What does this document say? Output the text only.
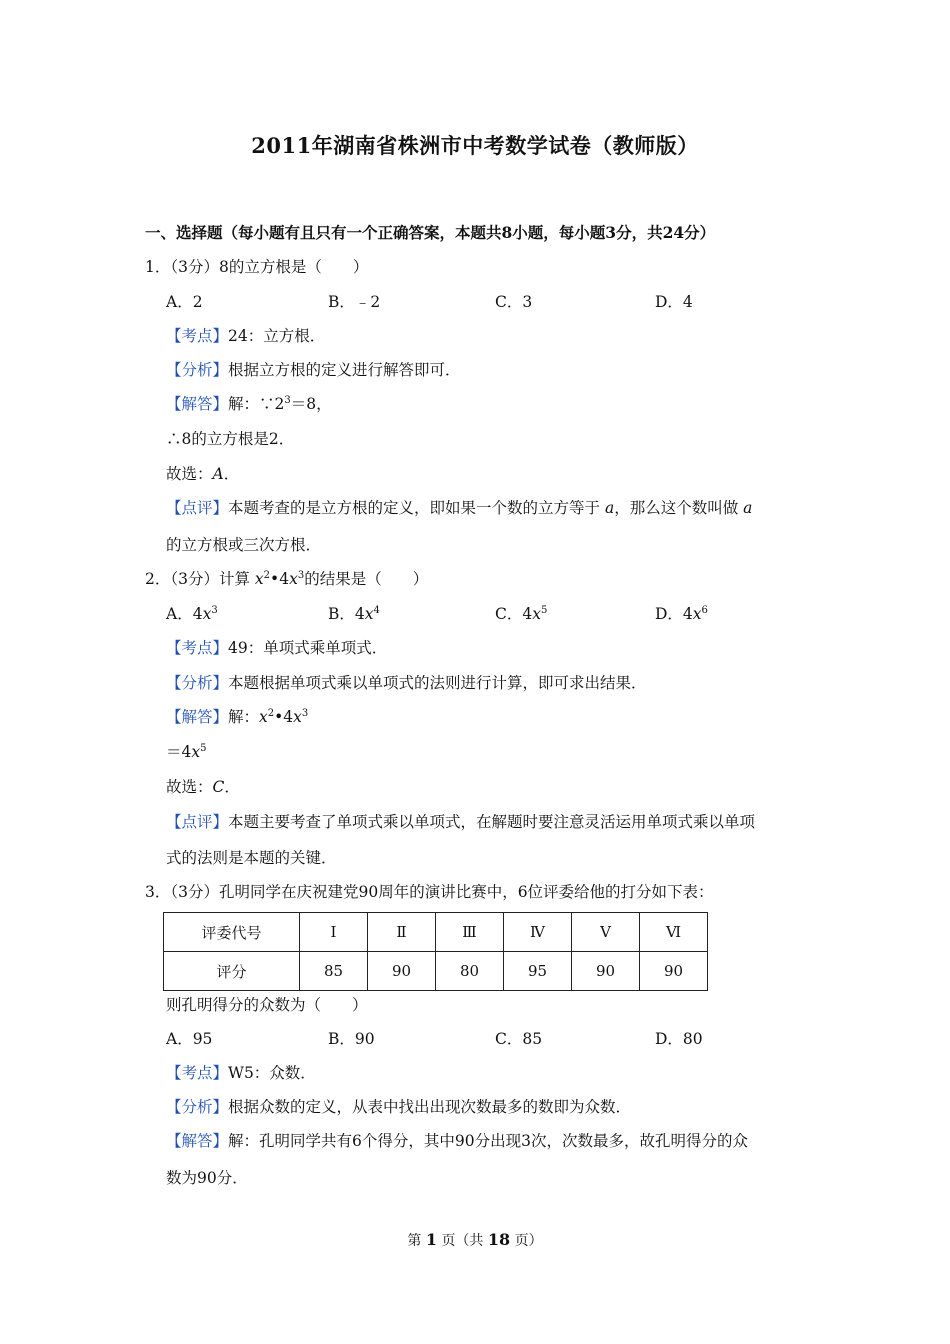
2011年湖南省株洲市中考数学试卷（教师版）
一、选择题（每小题有且只有一个正确答案，本题共8小题，每小题3分，共24分）
1．（3分）8的立方根是（　　）
A．2	B．﹣2	C．3	D．4
【考点】24：立方根．
【分析】根据立方根的定义进行解答即可．
【解答】解：$\because 2^3=8$，
∴8的立方根是2．
故选：A．
【点评】本题考查的是立方根的定义，即如果一个数的立方等于 a，那么这个数叫做 a
的立方根或三次方根．
2．（3分）计算 $x^2•4x^3$的结果是（　　）
A．$4x^3$	B．$4x^4$	C．$4x^5$	D．$4x^6$
【考点】49：单项式乘单项式．
【分析】本题根据单项式乘以单项式的法则进行计算，即可求出结果．
【解答】解：$x^2•4x^3$
$=4x^5$
故选：C．
【点评】本题主要考查了单项式乘以单项式，在解题时要注意灵活运用单项式乘以单项
式的法则是本题的关键．
3．（3分）孔明同学在庆祝建党90周年的演讲比赛中，6位评委给他的打分如下表：
评委代号	Ⅰ	Ⅱ	Ⅲ	Ⅳ	Ⅴ	Ⅵ
评分	85	90	80	95	90	90
则孔明得分的众数为（　　）
A．95	B．90	C．85	D．80
【考点】W5：众数．
【分析】根据众数的定义，从表中找出出现次数最多的数即为众数．
【解答】解：孔明同学共有6个得分，其中90分出现3次，次数最多，故孔明得分的众
数为90分．
第 1 页（共 18 页）
